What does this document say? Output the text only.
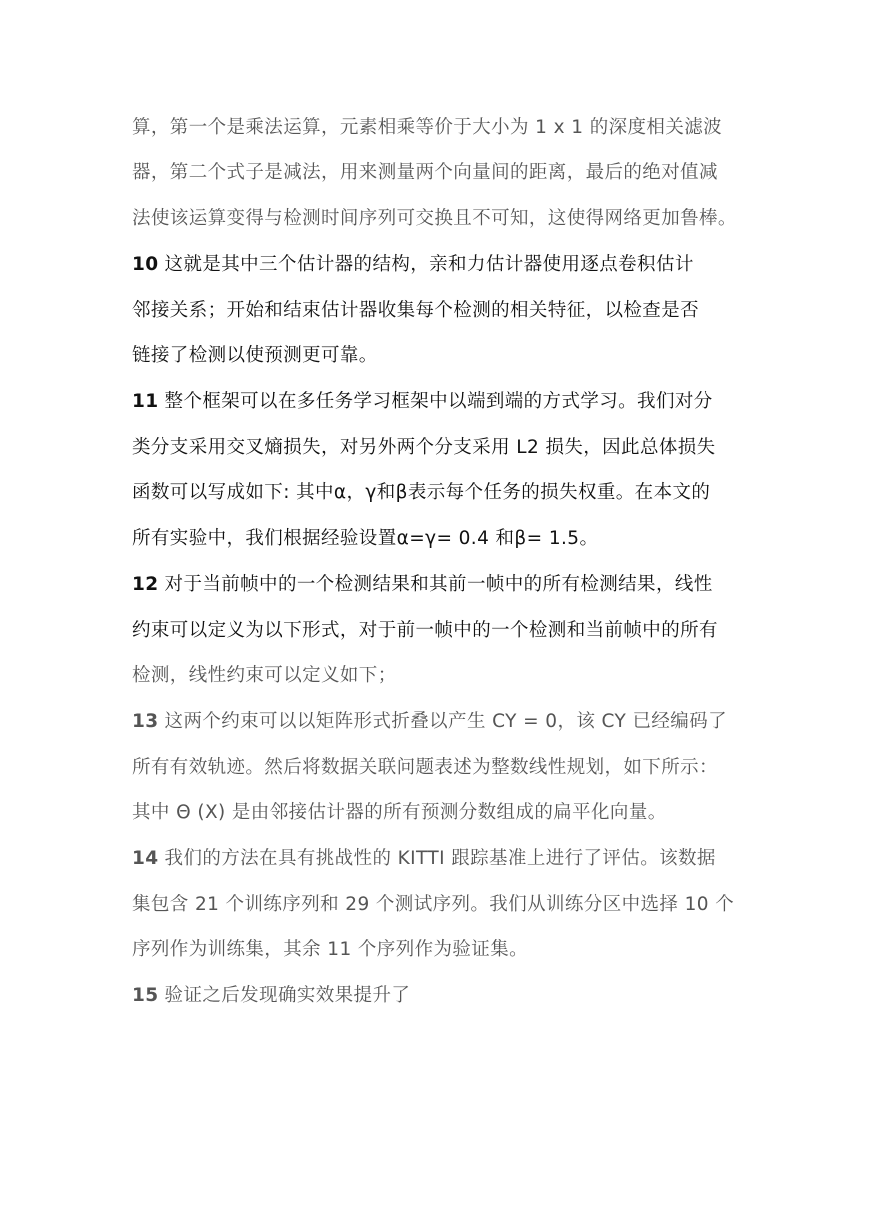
算，第一个是乘法运算，元素相乘等价于大小为 1 x 1 的深度相关滤波
器，第二个式子是减法，用来测量两个向量间的距离，最后的绝对值减
法使该运算变得与检测时间序列可交换且不可知，这使得网络更加鲁棒。
10 这就是其中三个估计器的结构，亲和力估计器使用逐点卷积估计
邻接关系；开始和结束估计器收集每个检测的相关特征，以检查是否
链接了检测以使预测更可靠。
11 整个框架可以在多任务学习框架中以端到端的方式学习。我们对分
类分支采用交叉熵损失，对另外两个分支采用 L2 损失，因此总体损失
函数可以写成如下: 其中α，γ和β表示每个任务的损失权重。在本文的
所有实验中，我们根据经验设置α=γ= 0.4 和β= 1.5。
12 对于当前帧中的一个检测结果和其前一帧中的所有检测结果，线性
约束可以定义为以下形式，对于前一帧中的一个检测和当前帧中的所有
检测，线性约束可以定义如下；
13 这两个约束可以以矩阵形式折叠以产生 CY = 0，该 CY 已经编码了
所有有效轨迹。然后将数据关联问题表述为整数线性规划，如下所示：
其中 Θ (X) 是由邻接估计器的所有预测分数组成的扁平化向量。
14 我们的方法在具有挑战性的 KITTI 跟踪基准上进行了评估。该数据
集包含 21 个训练序列和 29 个测试序列。我们从训练分区中选择 10 个
序列作为训练集，其余 11 个序列作为验证集。
15 验证之后发现确实效果提升了
